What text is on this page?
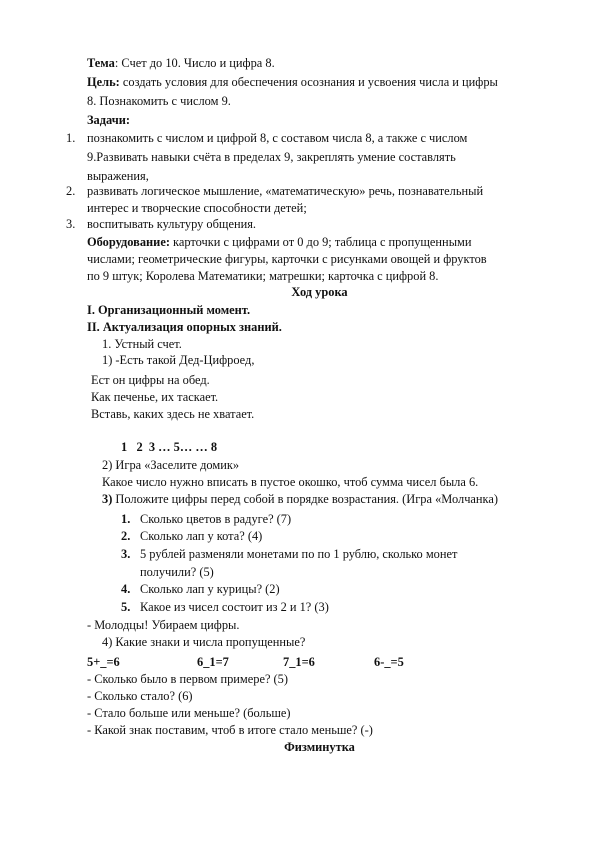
Тема: Счет до 10. Число и цифра 8.
Цель: создать условия для обеспечения осознания и усвоения числа и цифры
8. Познакомить с числом 9.
Задачи:
1. познакомить с числом и цифрой 8, с составом числа 8, а также с числом
9.Развивать навыки счёта в пределах 9, закреплять умение составлять
выражения,
2. развивать логическое мышление, «математическую» речь, познавательный
интерес и творческие способности детей;
3. воспитывать культуру общения.
Оборудование: карточки с цифрами от 0 до 9; таблица с пропущенными
числами; геометрические фигуры, карточки с рисунками овощей и фруктов
по 9 штук; Королева Математики; матрешки; карточка с цифрой 8.
Ход урока
I. Организационный момент.
II. Актуализация опорных знаний.
1. Устный счет.
1) -Есть такой Дед-Цифроед,
Ест он цифры на обед.
Как печенье, их таскает.
Вставь, каких здесь не хватает.
1   2  3 … 5… … 8
2) Игра «Заселите домик»
Какое число нужно вписать в пустое окошко, чтоб сумма чисел была 6.
3) Положите цифры перед собой в порядке возрастания. (Игра «Молчанка)
1. Сколько цветов в радуге? (7)
2. Сколько лап у кота? (4)
3. 5 рублей разменяли монетами по по 1 рублю, сколько монет
получили? (5)
4. Сколько лап у курицы? (2)
5. Какое из чисел состоит из 2 и 1? (3)
- Молодцы! Убираем цифры.
4) Какие знаки и числа пропущенные?
5+_=6	6_1=7	7_1=6	6-_=5
- Сколько было в первом примере? (5)
- Сколько стало? (6)
- Стало больше или меньше? (больше)
- Какой знак поставим, чтоб в итоге стало меньше? (-)
Физминутка
